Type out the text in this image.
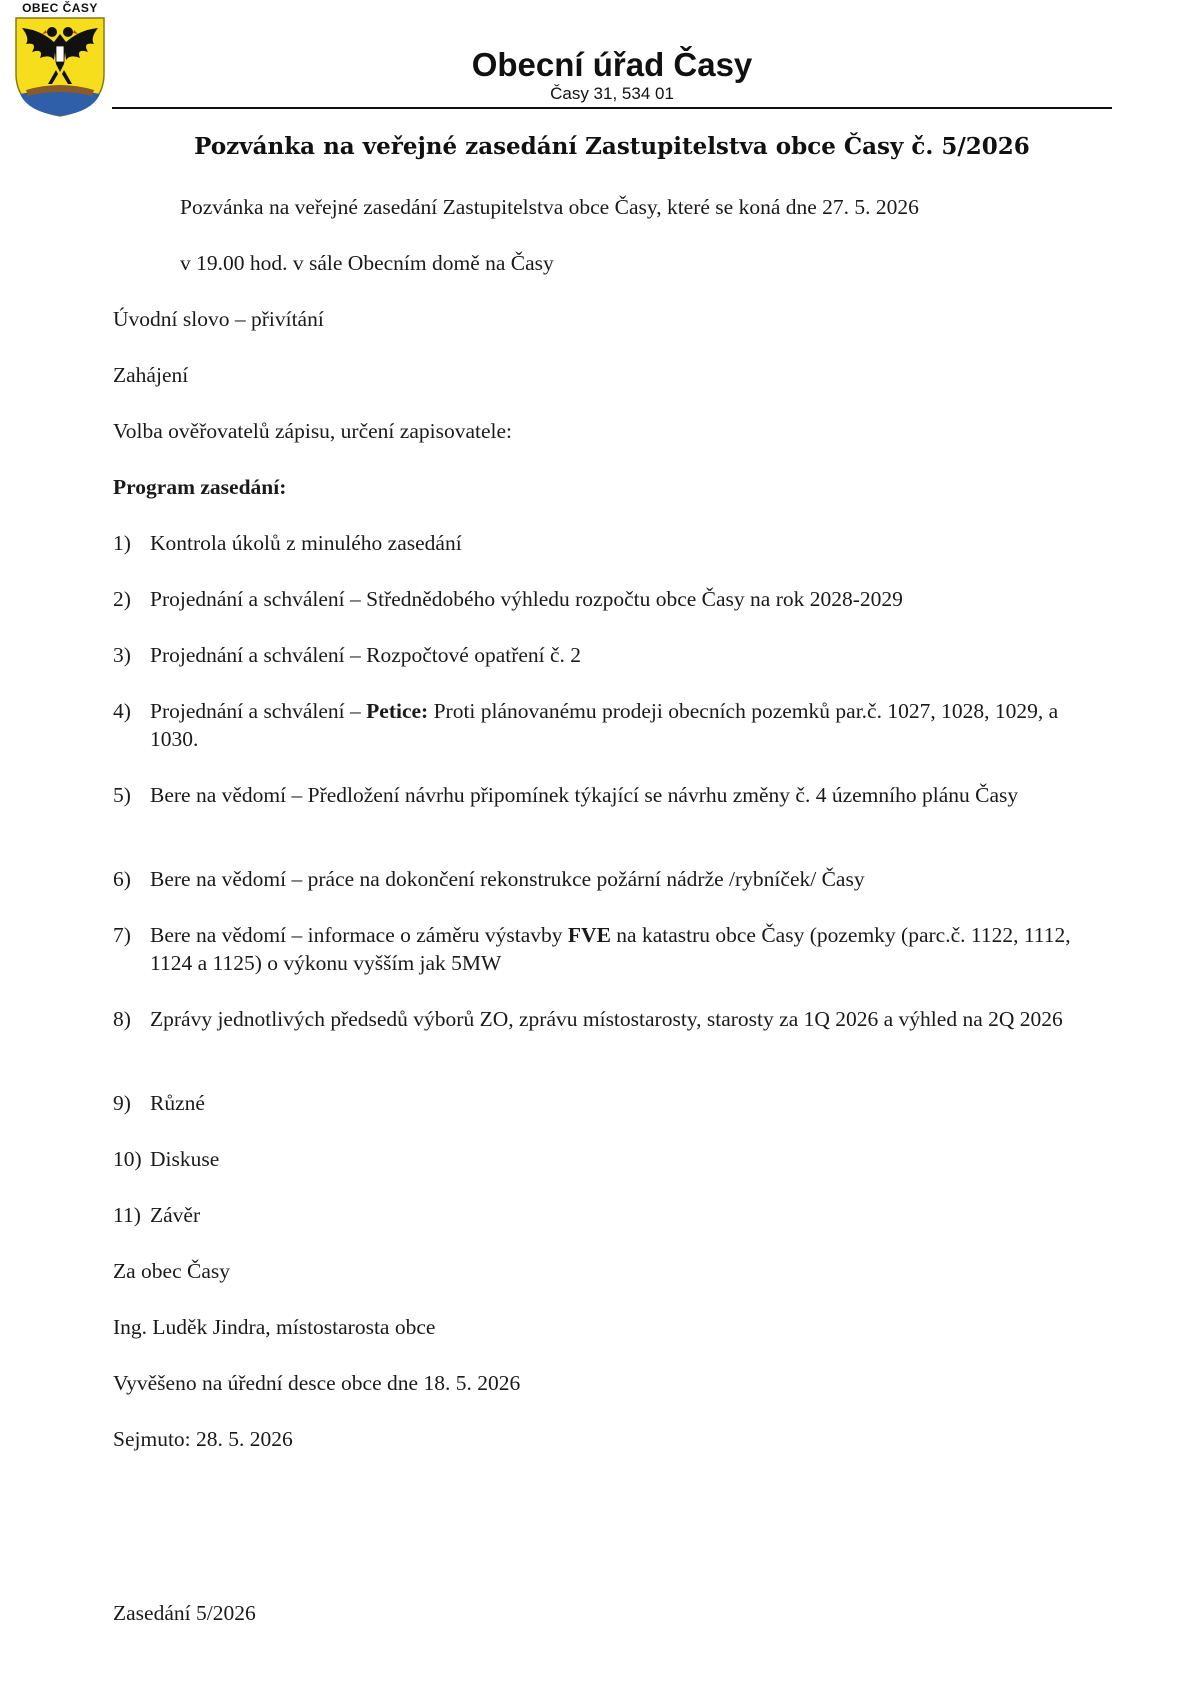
OBEC ČASY
Obecní úřad Časy
Časy 31, 534 01
Pozvánka na veřejné zasedání Zastupitelstva obce Časy č. 5/2026
Pozvánka na veřejné zasedání Zastupitelstva obce Časy, které se koná dne 27. 5. 2026
v 19.00 hod. v sále Obecním domě na Časy
Úvodní slovo – přivítání
Zahájení
Volba ověřovatelů zápisu, určení zapisovatele:
Program zasedání:
1) Kontrola úkolů z minulého zasedání
2) Projednání a schválení – Střednědobého výhledu rozpočtu obce Časy na rok 2028-2029
3) Projednání a schválení – Rozpočtové opatření č. 2
4) Projednání a schválení – Petice: Proti plánovanému prodeji obecních pozemků par.č. 1027, 1028, 1029, a 1030.
5) Bere na vědomí – Předložení návrhu připomínek týkající se návrhu změny č. 4 územního plánu Časy
6) Bere na vědomí – práce na dokončení rekonstrukce požární nádrže /rybníček/ Časy
7) Bere na vědomí – informace o záměru výstavby FVE na katastru obce Časy (pozemky (parc.č. 1122, 1112, 1124 a 1125) o výkonu vyšším jak 5MW
8) Zprávy jednotlivých předsedů výborů ZO, zprávu místostarosty, starosty za 1Q 2026 a výhled na 2Q 2026
9) Různé
10) Diskuse
11) Závěr
Za obec Časy
Ing. Luděk Jindra, místostarosta obce
Vyvěšeno na úřední desce obce dne 18. 5. 2026
Sejmuto: 28. 5. 2026
Zasedání 5/2026
